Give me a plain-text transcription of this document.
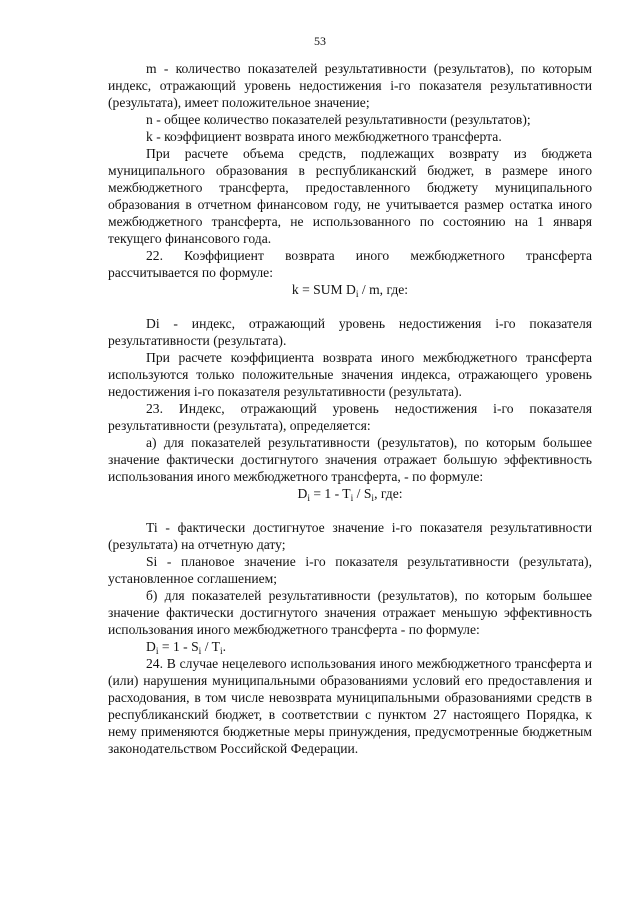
53

m - количество показателей результативности (результатов), по которым индекс, отражающий уровень недостижения i-го показателя результативности (результата), имеет положительное значение;

n - общее количество показателей результативности (результатов);

k - коэффициент возврата иного межбюджетного трансферта.

При расчете объема средств, подлежащих возврату из бюджета муниципального образования в республиканский бюджет, в размере иного межбюджетного трансферта, предоставленного бюджету муниципального образования в отчетном финансовом году, не учитывается размер остатка иного межбюджетного трансферта, не использованного по состоянию на 1 января текущего финансового года.

22. Коэффициент возврата иного межбюджетного трансферта рассчитывается по формуле:

k = SUM $D_i$ / m, где:

Di - индекс, отражающий уровень недостижения i-го показателя результативности (результата).

При расчете коэффициента возврата иного межбюджетного трансферта используются только положительные значения индекса, отражающего уровень недостижения i-го показателя результативности (результата).

23. Индекс, отражающий уровень недостижения i-го показателя результативности (результата), определяется:

а) для показателей результативности (результатов), по которым большее значение фактически достигнутого значения отражает большую эффективность использования иного межбюджетного трансферта, - по формуле:

$D_i = 1 - T_i / S_i$, где:

Ti - фактически достигнутое значение i-го показателя результативности (результата) на отчетную дату;

Si - плановое значение i-го показателя результативности (результата), установленное соглашением;

б) для показателей результативности (результатов), по которым большее значение фактически достигнутого значения отражает меньшую эффективность использования иного межбюджетного трансферта - по формуле:

$D_i = 1 - S_i / T_i$.

24. В случае нецелевого использования иного межбюджетного трансферта и (или) нарушения муниципальными образованиями условий его предоставления и расходования, в том числе невозврата муниципальными образованиями средств в республиканский бюджет, в соответствии с пунктом 27 настоящего Порядка, к нему применяются бюджетные меры принуждения, предусмотренные бюджетным законодательством Российской Федерации.
